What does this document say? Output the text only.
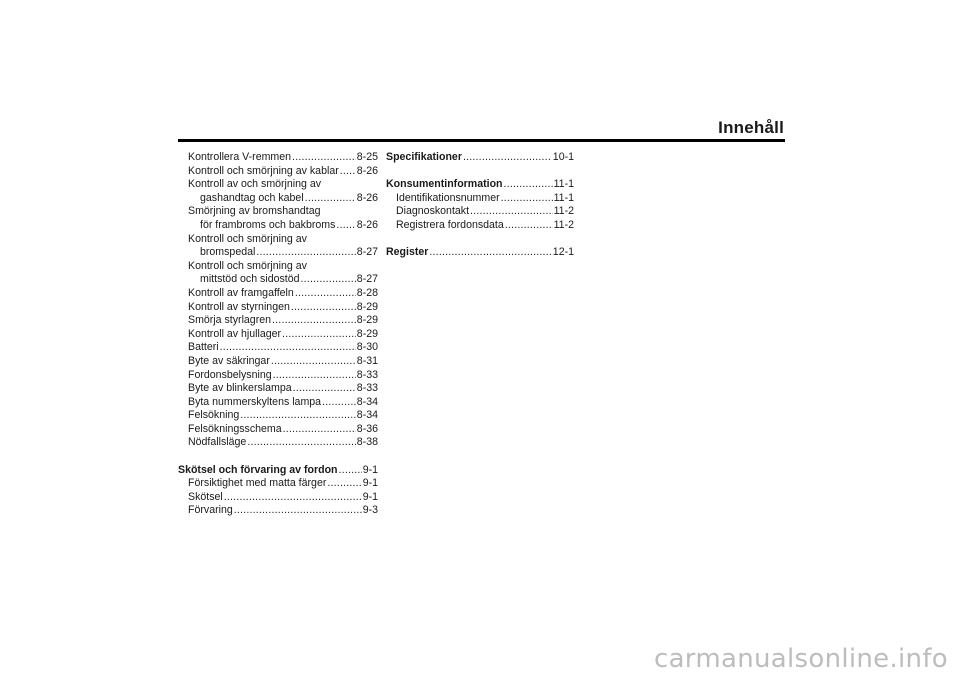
Innehåll
Kontrollera V-remmen .....	8-25
Kontroll och smörjning av kablar ..... 8-26
Kontroll av och smörjning av
gashandtag och kabel .....	8-26
Smörjning av bromshandtag
för frambroms och bakbroms ..... 8-26
Kontroll och smörjning av
bromspedal .....	8-27
Kontroll och smörjning av
mittstöd och sidostöd .....	8-27
Kontroll av framgaffeln .....	8-28
Kontroll av styrningen .....	8-29
Smörja styrlagren .....	8-29
Kontroll av hjullager .....	8-29
Batteri .....	8-30
Byte av säkringar .....	8-31
Fordonsbelysning .....	8-33
Byte av blinkerslampa .....	8-33
Byta nummerskyltens lampa .....	8-34
Felsökning .....	8-34
Felsökningsschema .....	8-36
Nödfallsläge .....	8-38
Skötsel och förvaring av fordon ..... 9-1
Försiktighet med matta färger .....	9-1
Skötsel .....	9-1
Förvaring .....	9-3
Specifikationer .....	10-1
Konsumentinformation .....	11-1
Identifikationsnummer .....	11-1
Diagnoskontakt .....	11-2
Registrera fordonsdata .....	11-2
Register .....	12-1
carmanualsonline.info
